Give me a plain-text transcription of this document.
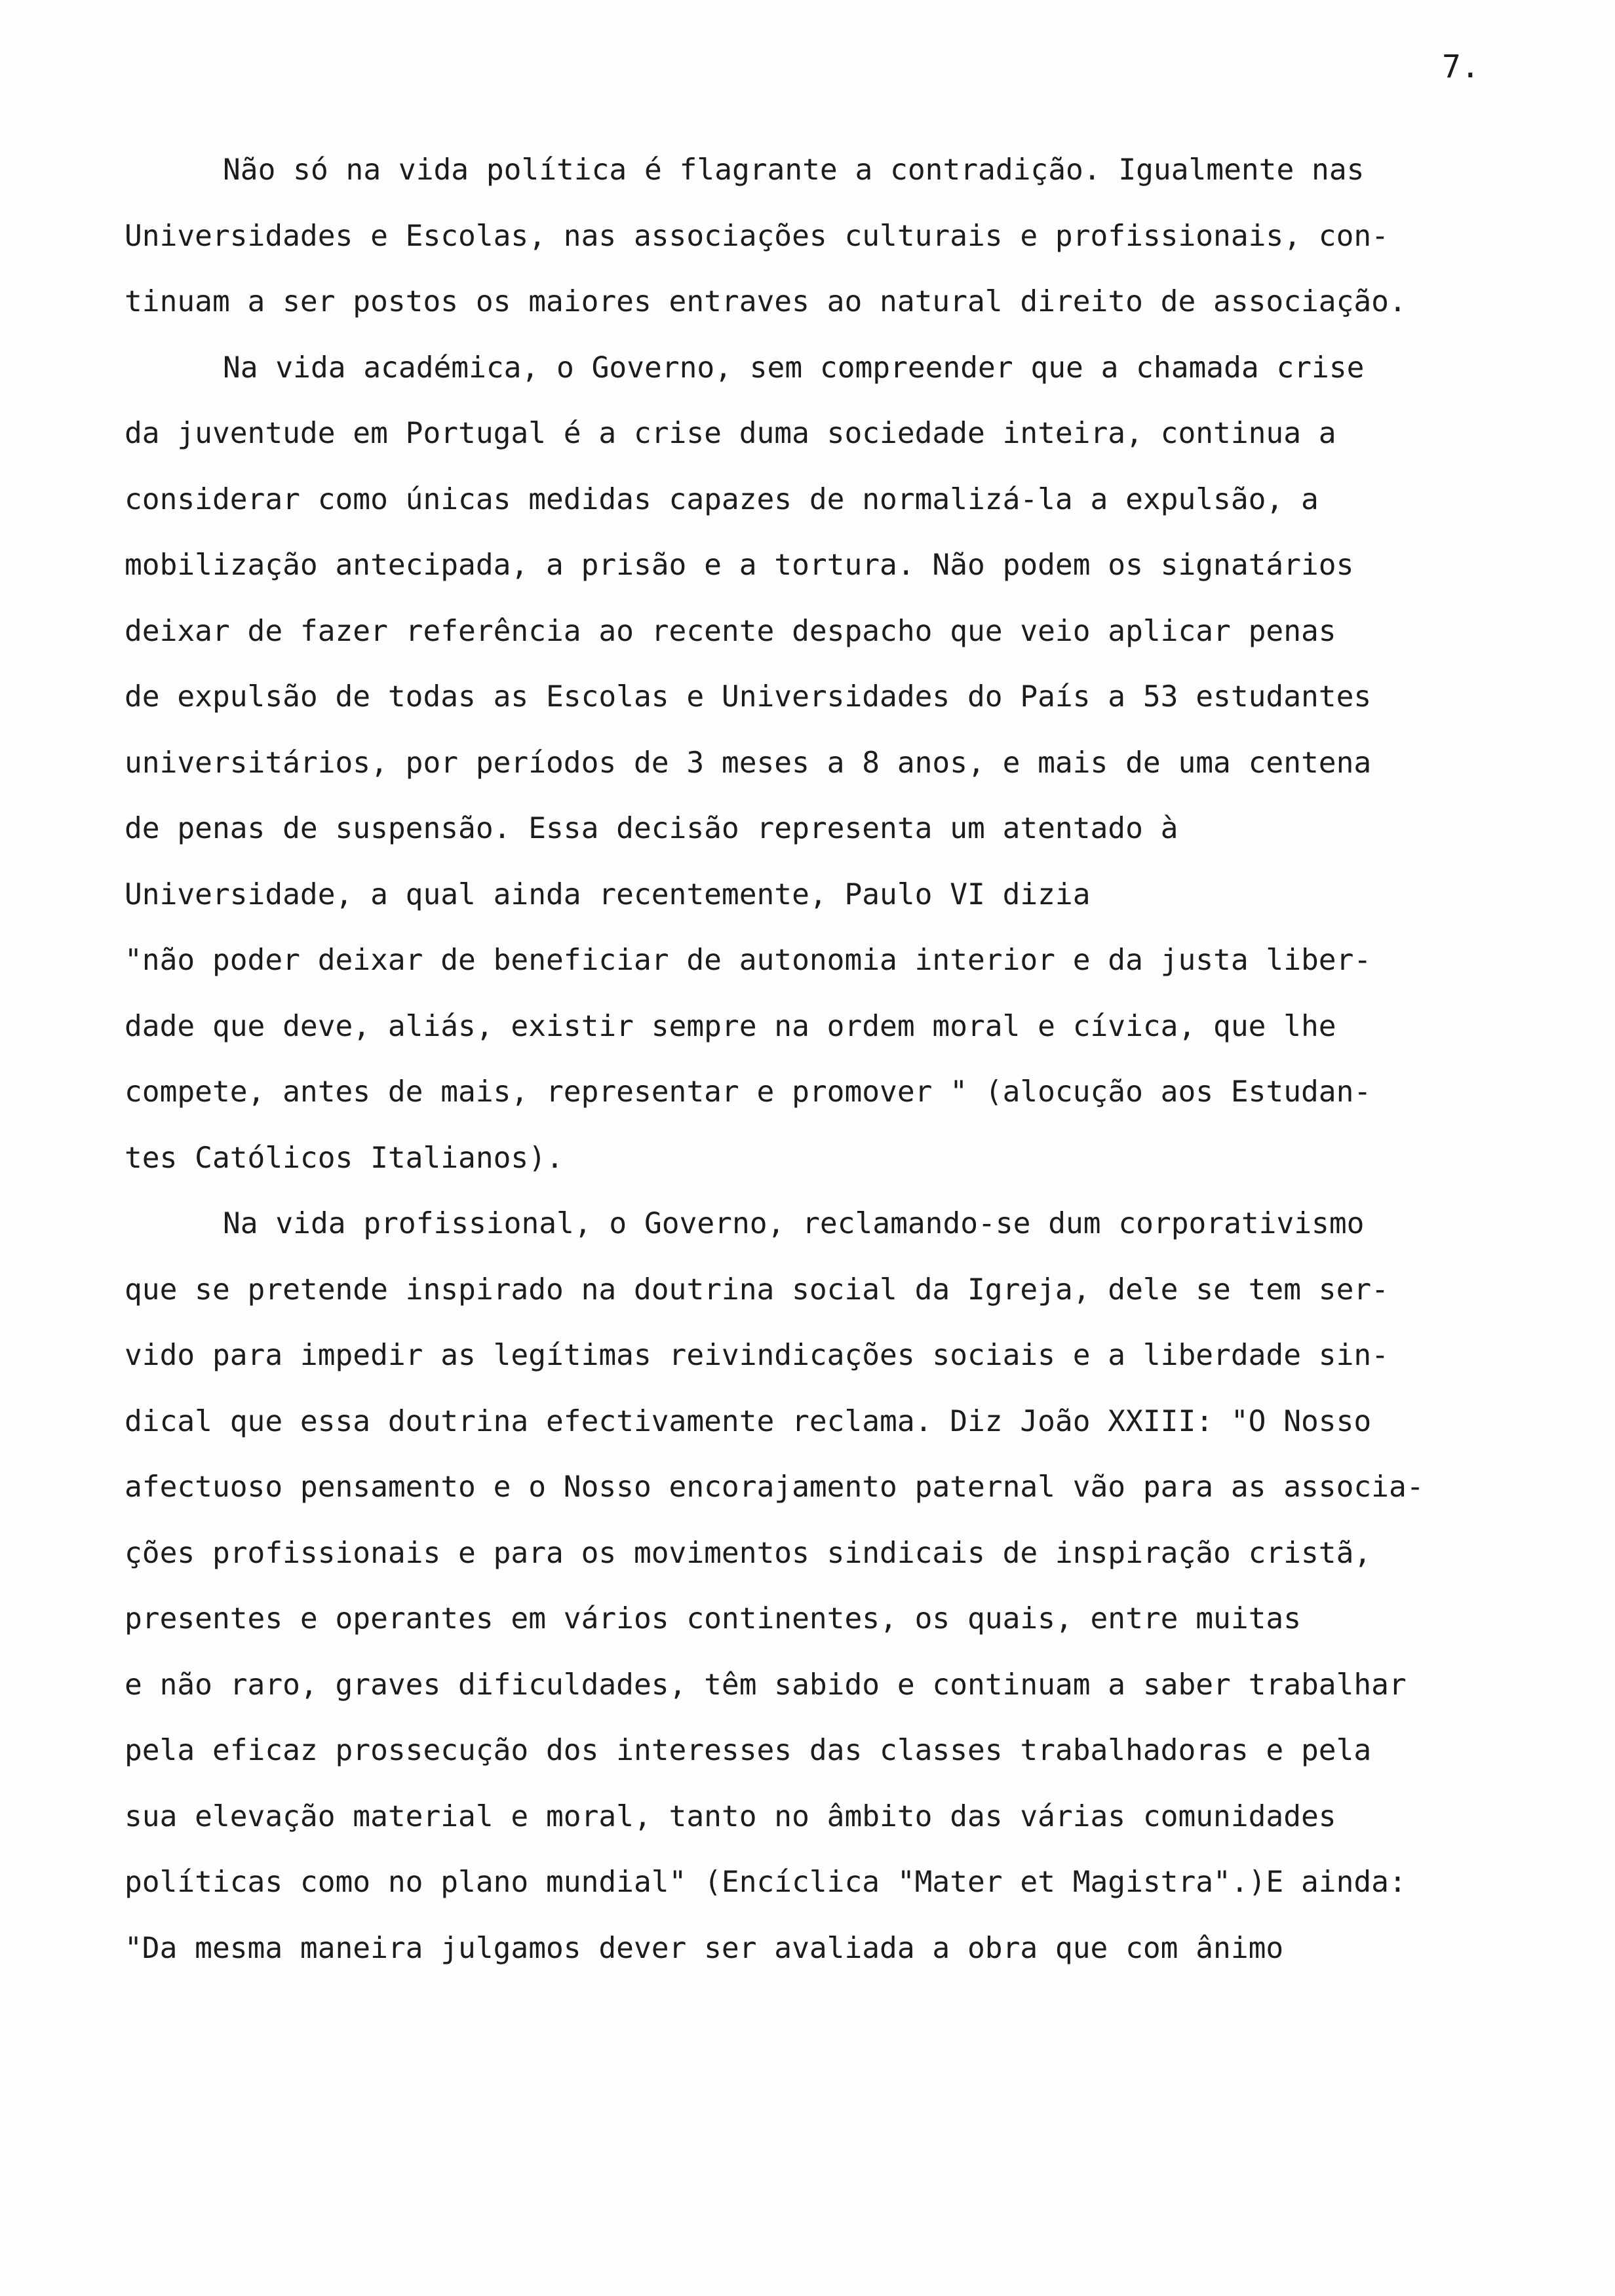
7.
Não só na vida política é flagrante a contradição. Igualmente nas
Universidades e Escolas, nas associações culturais e profissionais, con-
tinuam a ser postos os maiores entraves ao natural direito de associação.
Na vida académica, o Governo, sem compreender que a chamada crise
da juventude em Portugal é a crise duma sociedade inteira, continua a
considerar como únicas medidas capazes de normalizá-la a expulsão, a
mobilização antecipada, a prisão e a tortura. Não podem os signatários
deixar de fazer referência ao recente despacho que veio aplicar penas
de expulsão de todas as Escolas e Universidades do País a 53 estudantes
universitários, por períodos de 3 meses a 8 anos, e mais de uma centena
de penas de suspensão. Essa decisão representa um atentado à
Universidade, a qual ainda recentemente, Paulo VI dizia
"não poder deixar de beneficiar de autonomia interior e da justa liber-
dade que deve, aliás, existir sempre na ordem moral e cívica, que lhe
compete, antes de mais, representar e promover " (alocução aos Estudan-
tes Católicos Italianos).
Na vida profissional, o Governo, reclamando-se dum corporativismo
que se pretende inspirado na doutrina social da Igreja, dele se tem ser-
vido para impedir as legítimas reivindicações sociais e a liberdade sin-
dical que essa doutrina efectivamente reclama. Diz João XXIII: "O Nosso
afectuoso pensamento e o Nosso encorajamento paternal vão para as associa-
ções profissionais e para os movimentos sindicais de inspiração cristã,
presentes e operantes em vários continentes, os quais, entre muitas
e não raro, graves dificuldades, têm sabido e continuam a saber trabalhar
pela eficaz prossecução dos interesses das classes trabalhadoras e pela
sua elevação material e moral, tanto no âmbito das várias comunidades
políticas como no plano mundial" (Encíclica "Mater et Magistra".)E ainda:
"Da mesma maneira julgamos dever ser avaliada a obra que com ânimo
